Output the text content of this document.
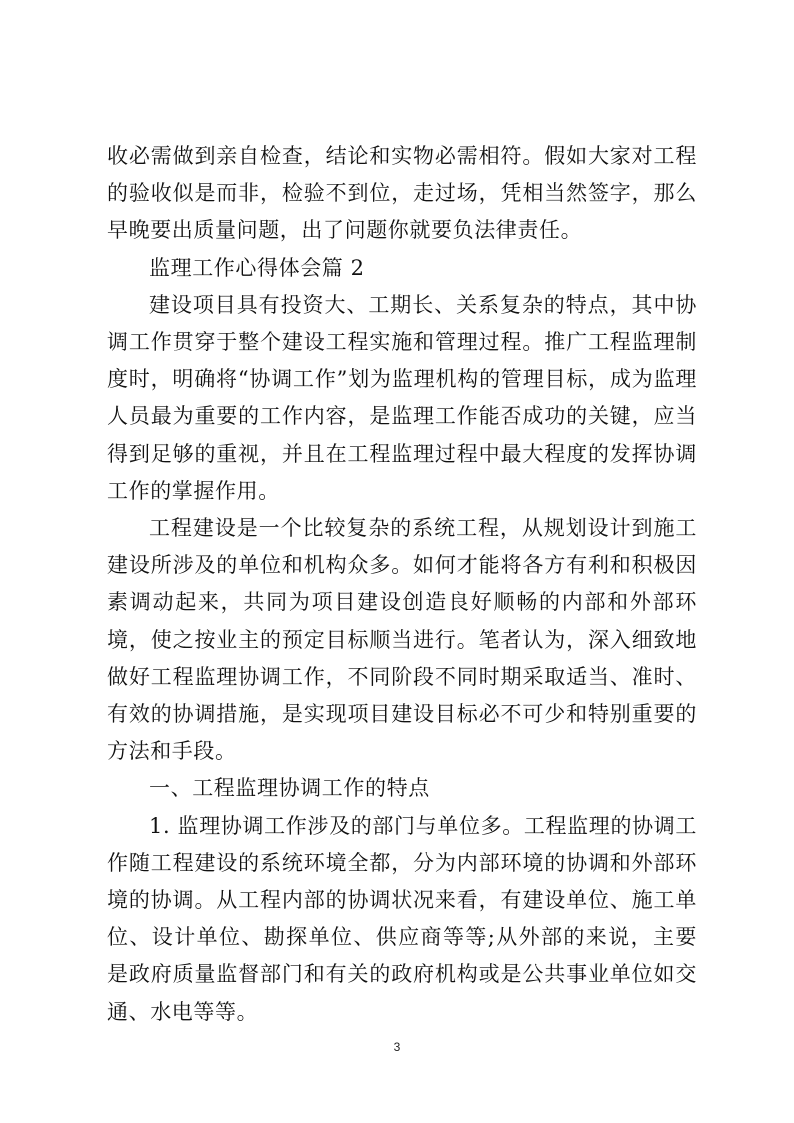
收必需做到亲自检查，结论和实物必需相符。假如大家对工程的验收似是而非，检验不到位，走过场，凭相当然签字，那么早晚要出质量问题，出了问题你就要负法律责任。

监理工作心得体会篇 2

建设项目具有投资大、工期长、关系复杂的特点，其中协调工作贯穿于整个建设工程实施和管理过程。推广工程监理制度时，明确将“协调工作”划为监理机构的管理目标，成为监理人员最为重要的工作内容，是监理工作能否成功的关键，应当得到足够的重视，并且在工程监理过程中最大程度的发挥协调工作的掌握作用。

工程建设是一个比较复杂的系统工程，从规划设计到施工建设所涉及的单位和机构众多。如何才能将各方有利和积极因素调动起来，共同为项目建设创造良好顺畅的内部和外部环境，使之按业主的预定目标顺当进行。笔者认为，深入细致地做好工程监理协调工作，不同阶段不同时期采取适当、准时、有效的协调措施，是实现项目建设目标必不可少和特别重要的方法和手段。

一、工程监理协调工作的特点

1. 监理协调工作涉及的部门与单位多。工程监理的协调工作随工程建设的系统环境全都，分为内部环境的协调和外部环境的协调。从工程内部的协调状况来看，有建设单位、施工单位、设计单位、勘探单位、供应商等等;从外部的来说，主要是政府质量监督部门和有关的政府机构或是公共事业单位如交通、水电等等。

3
